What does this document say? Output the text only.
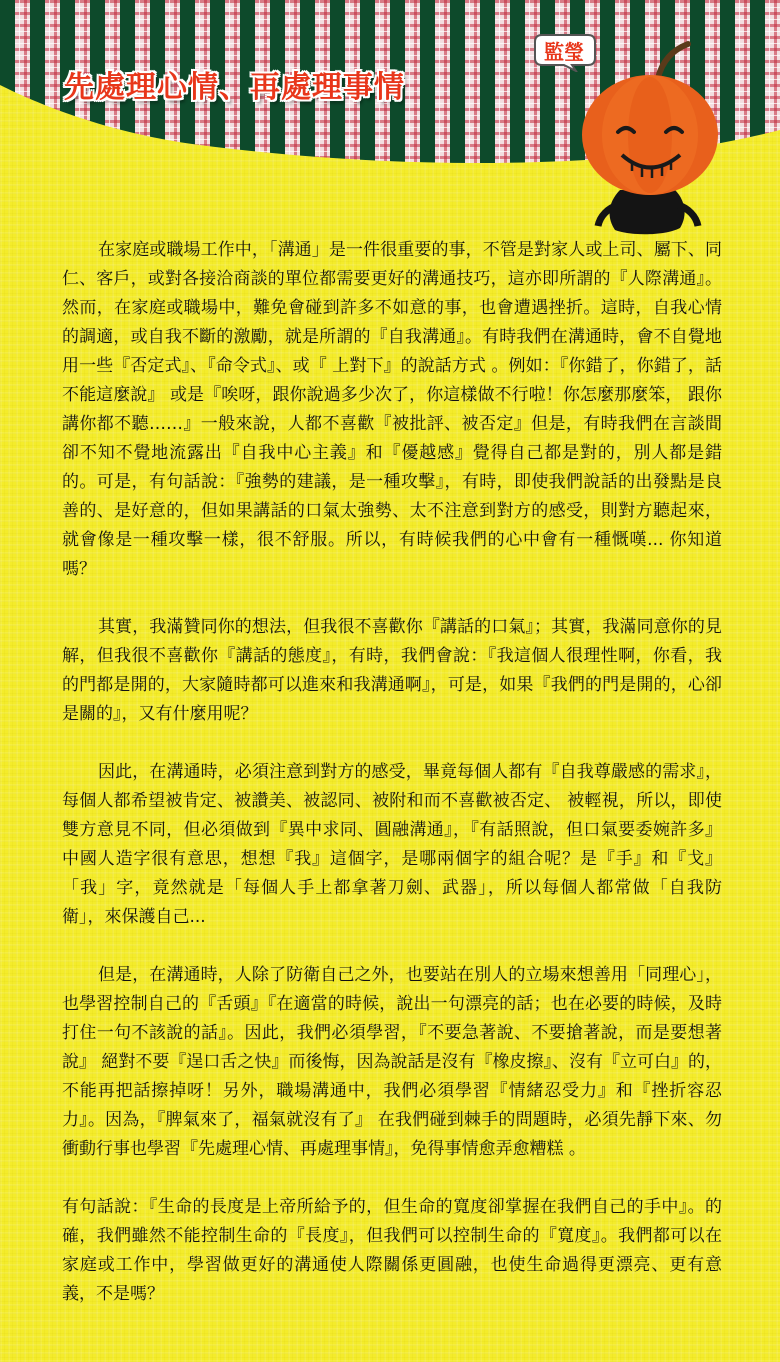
先處理心情、再處理事情
監瑩

在家庭或職場工作中，「溝通」是一件很重要的事，不管是對家人或上司、屬下、同仁、客戶，或對各接洽商談的單位都需要更好的溝通技巧，這亦即所謂的『人際溝通』。然而，在家庭或職場中，難免會碰到許多不如意的事，也會遭遇挫折。這時，自我心情的調適，或自我不斷的激勵，就是所謂的『自我溝通』。有時我們在溝通時，會不自覺地用一些『否定式』、『命令式』、或『 上對下』的說話方式 。例如：『你錯了，你錯了，話不能這麼說』 或是『唉呀，跟你說過多少次了，你這樣做不行啦！你怎麼那麼笨， 跟你講你都不聽……』一般來說，人都不喜歡『被批評、被否定』但是，有時我們在言談間卻不知不覺地流露出『自我中心主義』和『優越感』覺得自己都是對的，別人都是錯的。可是，有句話說：『強勢的建議，是一種攻擊』，有時，即使我們說話的出發點是良善的、是好意的，但如果講話的口氣太強勢、太不注意到對方的感受，則對方聽起來，就會像是一種攻擊一樣，很不舒服。所以，有時候我們的心中會有一種慨嘆... 你知道嗎？

其實，我滿贊同你的想法，但我很不喜歡你『講話的口氣』；其實，我滿同意你的見解，但我很不喜歡你『講話的態度』，有時，我們會說：『我這個人很理性啊，你看，我的門都是開的，大家隨時都可以進來和我溝通啊』，可是，如果『我們的門是開的，心卻是關的』，又有什麼用呢？

因此，在溝通時，必須注意到對方的感受，畢竟每個人都有『自我尊嚴感的需求』，每個人都希望被肯定、被讚美、被認同、被附和而不喜歡被否定、 被輕視，所以，即使雙方意見不同，但必須做到『異中求同、圓融溝通』，『有話照說，但口氣要委婉許多』中國人造字很有意思，想想『我』這個字，是哪兩個字的組合呢？是『手』和『戈』「我」字，竟然就是「每個人手上都拿著刀劍、武器」，所以每個人都常做「自我防衛」，來保護自己...

但是，在溝通時，人除了防衛自己之外，也要站在別人的立場來想善用「同理心」，也學習控制自己的『舌頭』『在適當的時候，說出一句漂亮的話；也在必要的時候，及時打住一句不該說的話』。因此，我們必須學習，『不要急著說、不要搶著說，而是要想著說』 絕對不要『逞口舌之快』而後悔，因為說話是沒有『橡皮擦』、沒有『立可白』的，不能再把話擦掉呀！另外，職場溝通中，我們必須學習『情緒忍受力』和『挫折容忍力』。因為，『脾氣來了，福氣就沒有了』 在我們碰到棘手的問題時，必須先靜下來、勿衝動行事也學習『先處理心情、再處理事情』，免得事情愈弄愈糟糕 。

有句話說：『生命的長度是上帝所給予的，但生命的寬度卻掌握在我們自己的手中』。的確，我們雖然不能控制生命的『長度』，但我們可以控制生命的『寬度』。我們都可以在家庭或工作中，學習做更好的溝通使人際關係更圓融，也使生命過得更漂亮、更有意義，不是嗎？
